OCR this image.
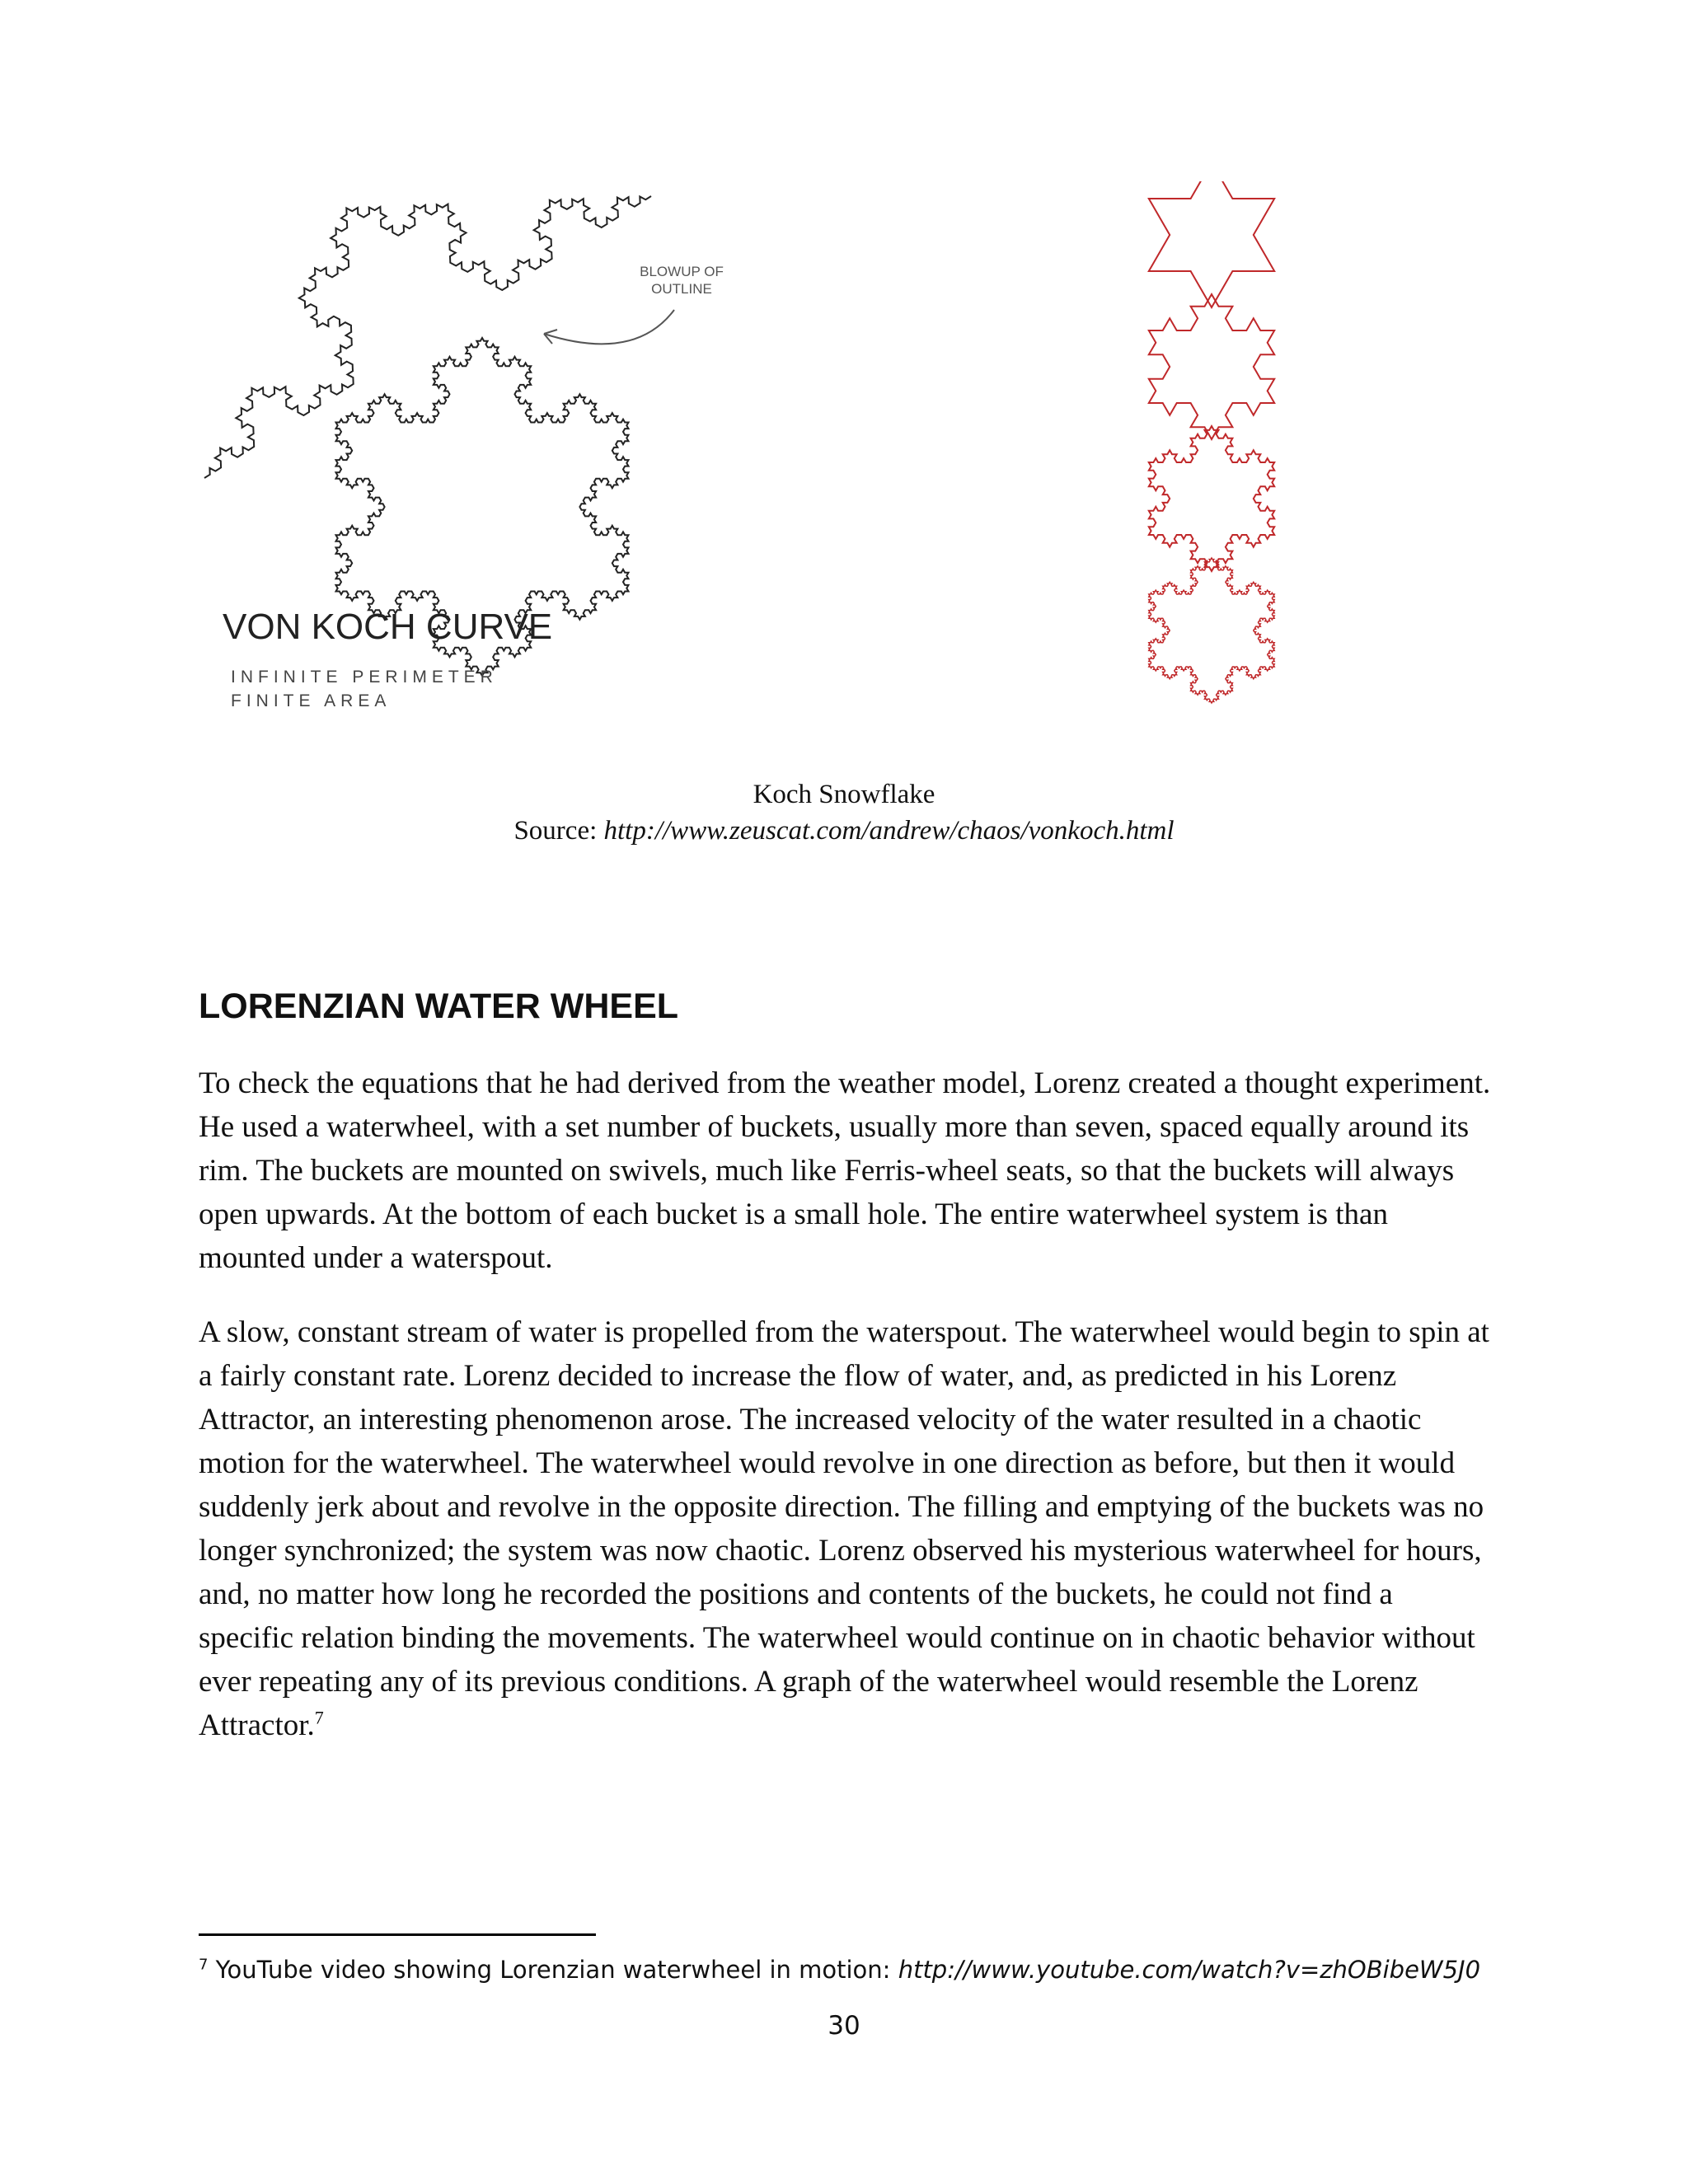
BLOWUP OF
OUTLINE
VON KOCH CURVE
INFINITE PERIMETER
FINITE AREA
Koch Snowflake
Source: http://www.zeuscat.com/andrew/chaos/vonkoch.html
LORENZIAN WATER WHEEL

To check the equations that he had derived from the weather model, Lorenz created a thought experiment. He used a waterwheel, with a set number of buckets, usually more than seven, spaced equally around its rim. The buckets are mounted on swivels, much like Ferris-wheel seats, so that the buckets will always open upwards. At the bottom of each bucket is a small hole. The entire waterwheel system is than mounted under a waterspout.

A slow, constant stream of water is propelled from the waterspout. The waterwheel would begin to spin at a fairly constant rate. Lorenz decided to increase the flow of water, and, as predicted in his Lorenz Attractor, an interesting phenomenon arose. The increased velocity of the water resulted in a chaotic motion for the waterwheel. The waterwheel would revolve in one direction as before, but then it would suddenly jerk about and revolve in the opposite direction. The filling and emptying of the buckets was no longer synchronized; the system was now chaotic. Lorenz observed his mysterious waterwheel for hours, and, no matter how long he recorded the positions and contents of the buckets, he could not find a specific relation binding the movements. The waterwheel would continue on in chaotic behavior without ever repeating any of its previous conditions. A graph of the waterwheel would resemble the Lorenz Attractor.$^7$

$^7$ YouTube video showing Lorenzian waterwheel in motion: http://www.youtube.com/watch?v=zhOBibeW5J0
30
